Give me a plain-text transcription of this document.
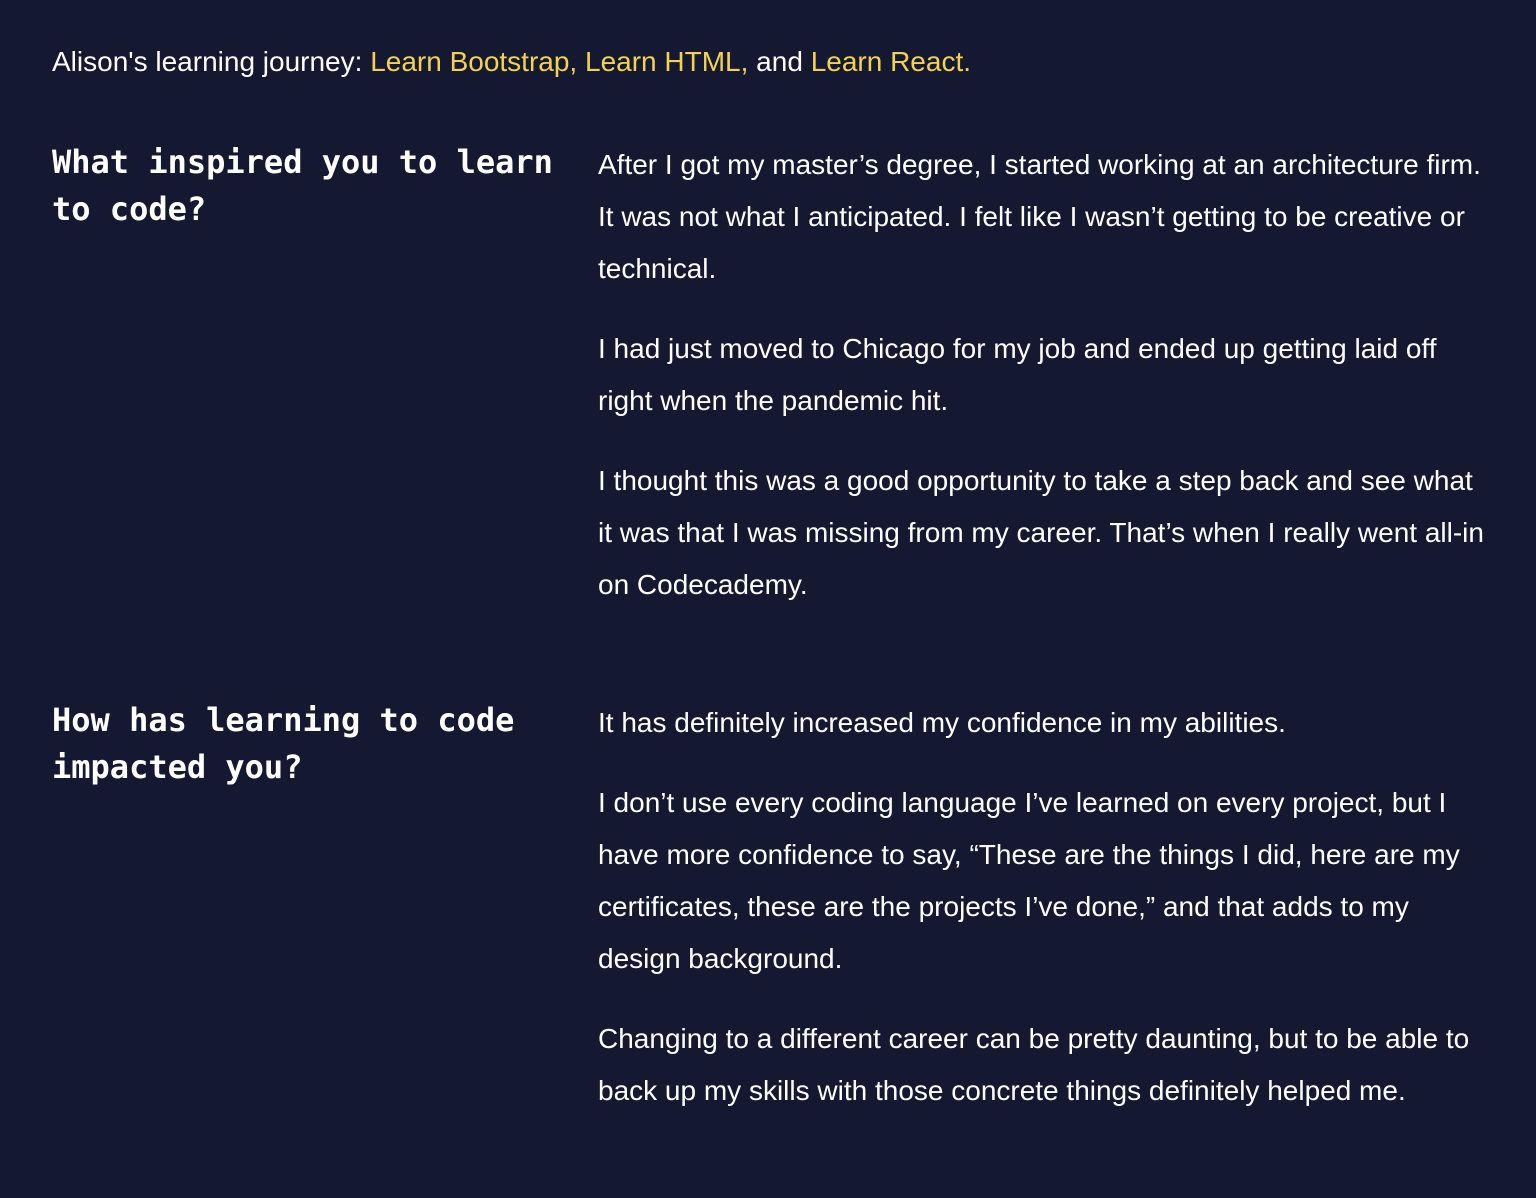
Alison's learning journey: Learn Bootstrap, Learn HTML, and Learn React.

What inspired you to learn to code?

After I got my master’s degree, I started working at an architecture firm. It was not what I anticipated. I felt like I wasn’t getting to be creative or technical.

I had just moved to Chicago for my job and ended up getting laid off right when the pandemic hit.

I thought this was a good opportunity to take a step back and see what it was that I was missing from my career. That’s when I really went all-in on Codecademy.

How has learning to code impacted you?

It has definitely increased my confidence in my abilities.

I don’t use every coding language I’ve learned on every project, but I have more confidence to say, “These are the things I did, here are my certificates, these are the projects I’ve done,” and that adds to my design background.

Changing to a different career can be pretty daunting, but to be able to back up my skills with those concrete things definitely helped me.
